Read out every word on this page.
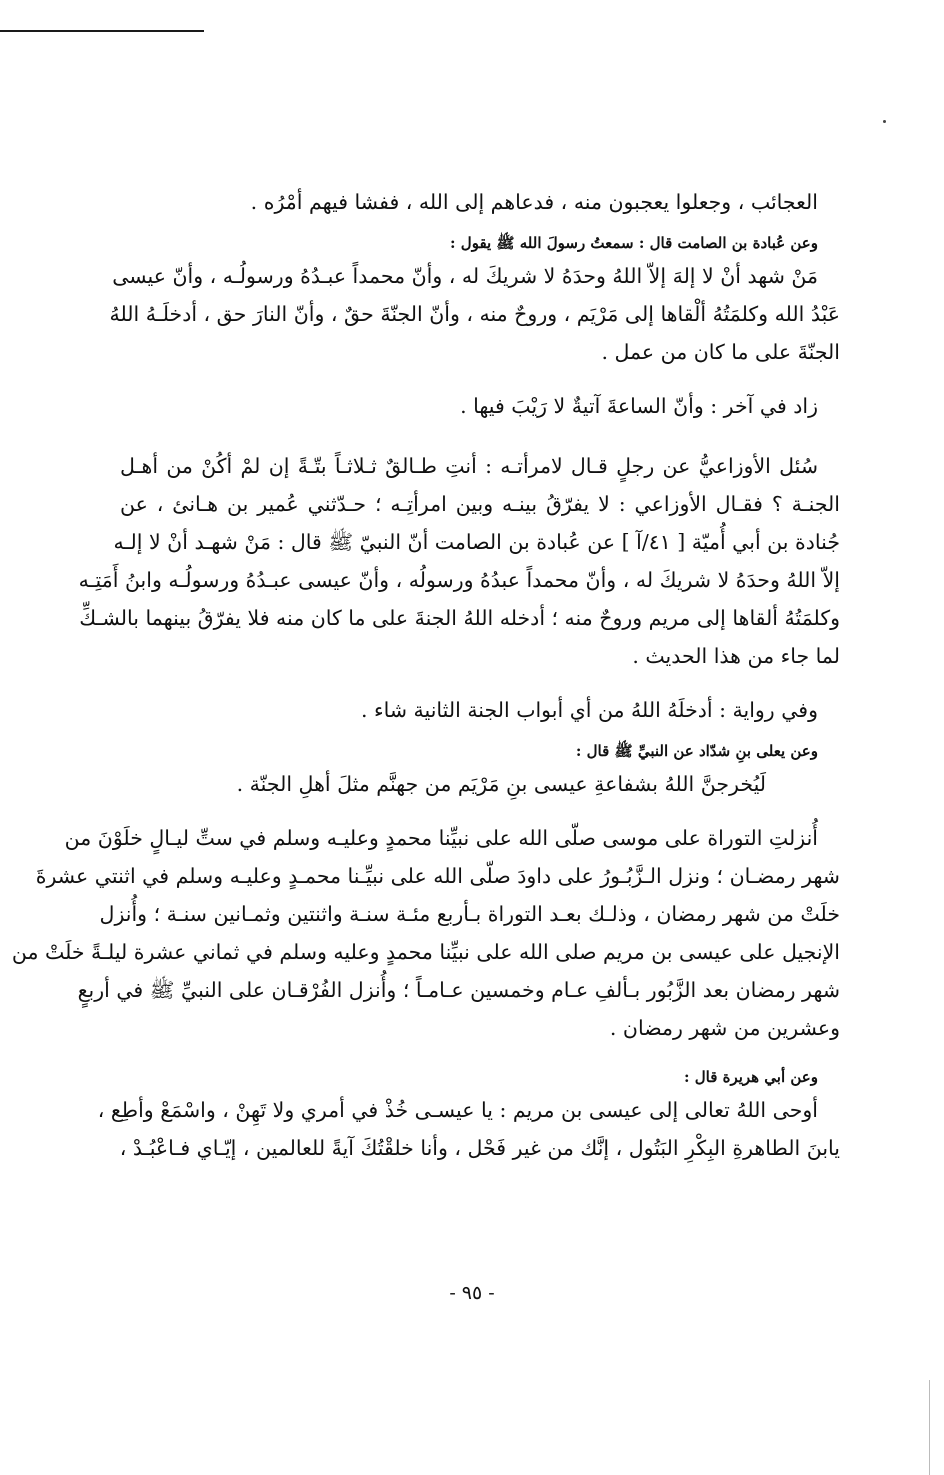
العجائب ، وجعلوا يعجبون منه ، فدعاهم إلى الله ، ففشا فيهم أمْرُه .
وعن عُبادة بن الصامت قال : سمعتُ رسولَ الله ﷺ يقول :
مَنْ شهد أنْ لا إلهَ إلاّ اللهُ وحدَهُ لا شريكَ له ، وأنّ محمداً عبـدُهُ ورسولُـه ، وأنّ عيسى
عَبْدُ الله وكلمَتُهُ ألْقاها إلى مَرْيَم ، وروحٌ منه ، وأنّ الجنّةَ حقٌ ، وأنّ النارَ حق ، أدخلَـهُ اللهُ
الجنّةَ على ما كان من عمل .
زاد في آخر : وأنّ الساعةَ آتيةٌ لا رَيْبَ فيها .
سُئل الأوزاعيُّ عن رجلٍ قـال لامرأتـه : أنتِ طـالقٌ ثـلاثـاً بتّـةً إن لمْ أكُنْ من أهـل
الجنـة ؟ فقـال الأوزاعي : لا يفرّقُ بينـه وبين امرأتِـه ؛ حـدّثني عُمير بن هـانئ ، عن
جُنادة بن أبي أُميّة [ ٤١/آ ] عن عُبادة بن الصامت أنّ النبيّ ﷺ قال : مَنْ شهـد أنْ لا إلـه
إلاّ اللهُ وحدَهُ لا شريكَ له ، وأنّ محمداً عبدُهُ ورسولُه ، وأنّ عيسى عبـدُهُ ورسولُـه وابنُ أَمَتِـه
وكلمَتُهُ ألقاها إلى مريم وروحٌ منه ؛ أدخله اللهُ الجنةَ على ما كان منه فلا يفرّقُ بينهما بالشـكِّ
لما جاء من هذا الحديث .
وفي رواية : أدخلَهُ اللهُ من أي أبواب الجنة الثانية شاء .
وعن يعلى بنِ شدّاد عن النبيِّ ﷺ قال :
لَيُخرجنَّ اللهُ بشفاعةِ عيسى بنِ مَرْيَم من جهنَّم مثلَ أهلِ الجنّة .
أُنزلتِ التوراة على موسى صلّى الله على نبيِّنا محمدٍ وعليـه وسلم في ستِّ ليـالٍ خلَوْنَ من
شهر رمضـان ؛ ونزل الـزَّبُـورُ على داودَ صلّى الله على نبيِّـنا محمـدٍ وعليـه وسلم في اثنتي عشرةَ
خلَتْ من شهر رمضان ، وذلـك بعـد التوراة بـأربع مئـة سنـة واثنتين وثمـانين سنـة ؛ وأُنزل
الإنجيل على عيسى بن مريم صلى الله على نبيِّنا محمدٍ وعليه وسلم في ثماني عشرة ليلـةً خلَتْ من
شهر رمضان بعد الزَّبُور بـألفِ عـام وخمسين عـامـاً ؛ وأُنزل الفُرْقـان على النبيِّ ﷺ في أربعٍ
وعشرين من شهر رمضان .
وعن أبي هريرة قال :
أوحى اللهُ تعالى إلى عيسى بن مريم : يا عيسـى خُذْ في أمري ولا تَهِنْ ، واسْمَعْ وأطِع ،
يابنَ الطاهرةِ البِكْرِ البَتُول ، إنَّك من غير فَحْل ، وأنا خلقْتُكَ آيةً للعالمين ، إيّـاي فـاعْبُـدْ ،
- ٩٥ -
